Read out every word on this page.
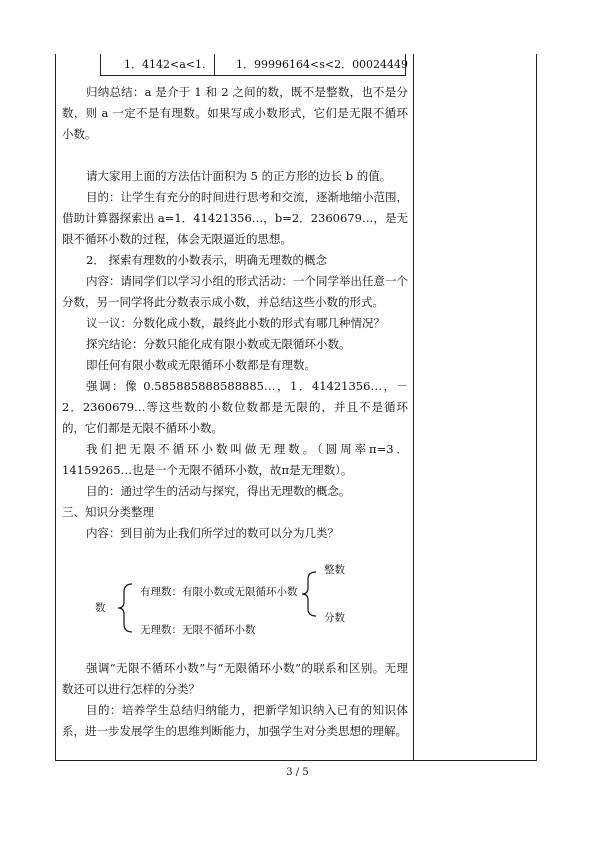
1．4142<a<1.	1．99996164<s<2．00024449

归纳总结：a 是介于 1 和 2 之间的数，既不是整数，也不是分数，则 a 一定不是有理数。如果写成小数形式，它们是无限不循环小数。

请大家用上面的方法估计面积为 5 的正方形的边长 b 的值。

目的：让学生有充分的时间进行思考和交流，逐渐地缩小范围，借助计算器探索出 a=1．41421356…，b=2．2360679…，是无限不循环小数的过程，体会无限逼近的思想。

2． 探索有理数的小数表示，明确无理数的概念

内容：请同学们以学习小组的形式活动：一个同学举出任意一个分数，另一同学将此分数表示成小数，并总结这些小数的形式。

议一议：分数化成小数，最终此小数的形式有哪几种情况？

探究结论：分数只能化成有限小数或无限循环小数。

即任何有限小数或无限循环小数都是有理数。

强调：像 0.585885888588885…，1．41421356…，－2．2360679…等这些数的小数位数都是无限的，并且不是循环的，它们都是无限不循环小数。

我们把无限不循环小数叫做无理数。（圆周率π=3．14159265…也是一个无限不循环小数，故π是无理数）。

目的：通过学生的活动与探究，得出无理数的概念。

三、知识分类整理

内容：到目前为止我们所学过的数可以分为几类？

数
有理数：有限小数或无限循环小数
无理数：无限不循环小数
整数
分数

强调“无限不循环小数”与“无限循环小数”的联系和区别。无理数还可以进行怎样的分类？

目的：培养学生总结归纳能力，把新学知识纳入已有的知识体系，进一步发展学生的思维判断能力，加强学生对分类思想的理解。

3 / 5
